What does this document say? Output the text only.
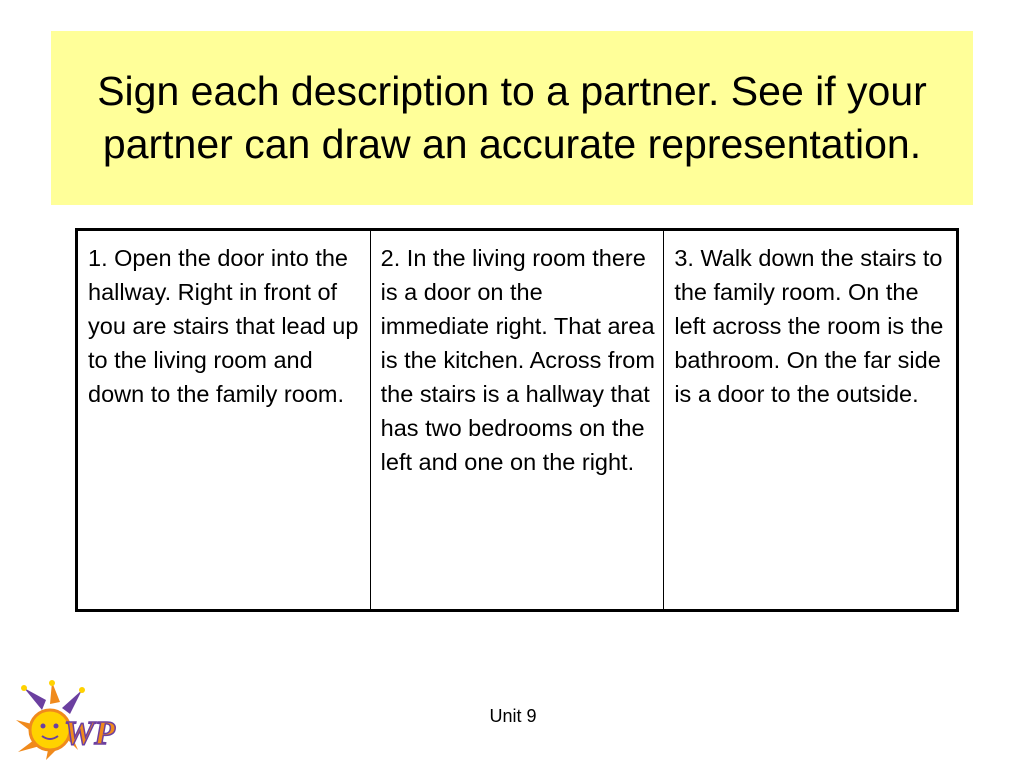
Sign each description to a partner. See if your partner can draw an accurate representation.
1. Open the door into the hallway. Right in front of you are stairs that lead up to the living room and down to the family room.	2. In the living room there is a door on the immediate right. That area is the kitchen. Across from the stairs is a hallway that has two bedrooms on the left and one on the right.	3. Walk down the stairs to the family room. On the left across the room is the bathroom. On the far side is a door to the outside.
WP	Unit 9
